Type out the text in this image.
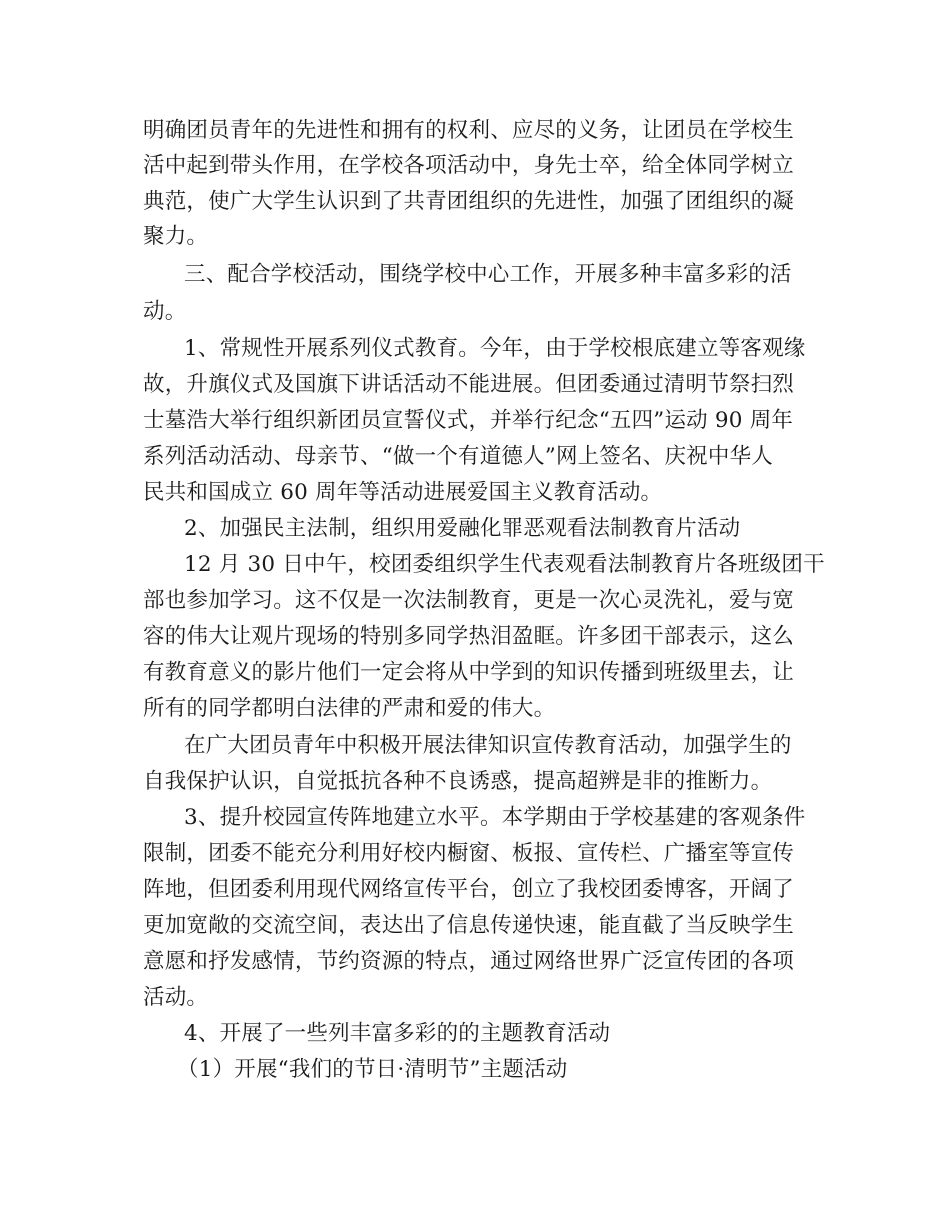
明确团员青年的先进性和拥有的权利、应尽的义务，让团员在学校生
活中起到带头作用，在学校各项活动中，身先士卒，给全体同学树立
典范，使广大学生认识到了共青团组织的先进性，加强了团组织的凝
聚力。
三、配合学校活动，围绕学校中心工作，开展多种丰富多彩的活
动。
1、常规性开展系列仪式教育。今年，由于学校根底建立等客观缘
故，升旗仪式及国旗下讲话活动不能进展。但团委通过清明节祭扫烈
士墓浩大举行组织新团员宣誓仪式，并举行纪念“五四”运动 90 周年
系列活动活动、母亲节、“做一个有道德人”网上签名、庆祝中华人
民共和国成立 60 周年等活动进展爱国主义教育活动。
2、加强民主法制，组织用爱融化罪恶观看法制教育片活动
12 月 30 日中午，校团委组织学生代表观看法制教育片各班级团干
部也参加学习。这不仅是一次法制教育，更是一次心灵洗礼，爱与宽
容的伟大让观片现场的特别多同学热泪盈眶。许多团干部表示，这么
有教育意义的影片他们一定会将从中学到的知识传播到班级里去，让
所有的同学都明白法律的严肃和爱的伟大。
在广大团员青年中积极开展法律知识宣传教育活动，加强学生的
自我保护认识，自觉抵抗各种不良诱惑，提高超辨是非的推断力。
3、提升校园宣传阵地建立水平。本学期由于学校基建的客观条件
限制，团委不能充分利用好校内橱窗、板报、宣传栏、广播室等宣传
阵地，但团委利用现代网络宣传平台，创立了我校团委博客，开阔了
更加宽敞的交流空间，表达出了信息传递快速，能直截了当反映学生
意愿和抒发感情，节约资源的特点，通过网络世界广泛宣传团的各项
活动。
4、开展了一些列丰富多彩的的主题教育活动
（1）开展“我们的节日·清明节”主题活动
